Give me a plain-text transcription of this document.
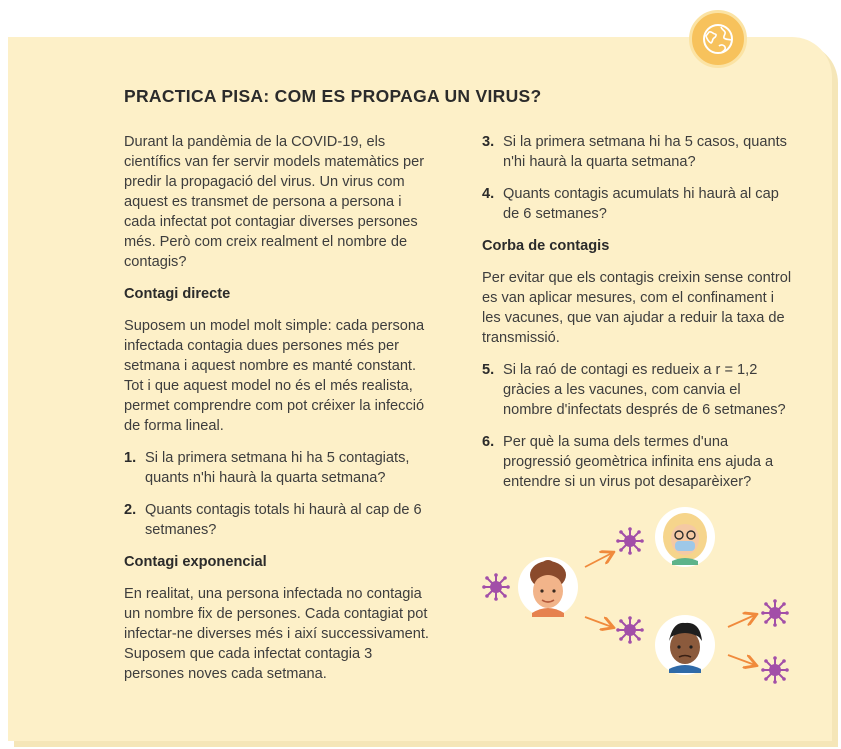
PRACTICA PISA: COM ES PROPAGA UN VIRUS?

Durant la pandèmia de la COVID-19, els científics van fer servir models matemàtics per predir la propagació del virus. Un virus com aquest es transmet de persona a persona i cada infectat pot contagiar diverses persones més. Però com creix realment el nombre de contagis?

Contagi directe

Suposem un model molt simple: cada persona infectada contagia dues persones més per setmana i aquest nombre es manté constant. Tot i que aquest model no és el més realista, permet comprendre com pot créixer la infecció de forma lineal.

1. Si la primera setmana hi ha 5 contagiats, quants n'hi haurà la quarta setmana?
2. Quants contagis totals hi haurà al cap de 6 setmanes?
Contagi exponencial

En realitat, una persona infectada no contagia un nombre fix de persones. Cada contagiat pot infectar-ne diverses més i així successivament. Suposem que cada infectat contagia 3 persones noves cada setmana.

3. Si la primera setmana hi ha 5 casos, quants n'hi haurà la quarta setmana?
4. Quants contagis acumulats hi haurà al cap de 6 setmanes?
Corba de contagis

Per evitar que els contagis creixin sense control es van aplicar mesures, com el confinament i les vacunes, que van ajudar a reduir la taxa de transmissió.

5. Si la raó de contagi es redueix a r = 1,2 gràcies a les vacunes, com canvia el nombre d'infectats després de 6 setmanes?
6. Per què la suma dels termes d'una progressió geomètrica infinita ens ajuda a entendre si un virus pot desaparèixer?
